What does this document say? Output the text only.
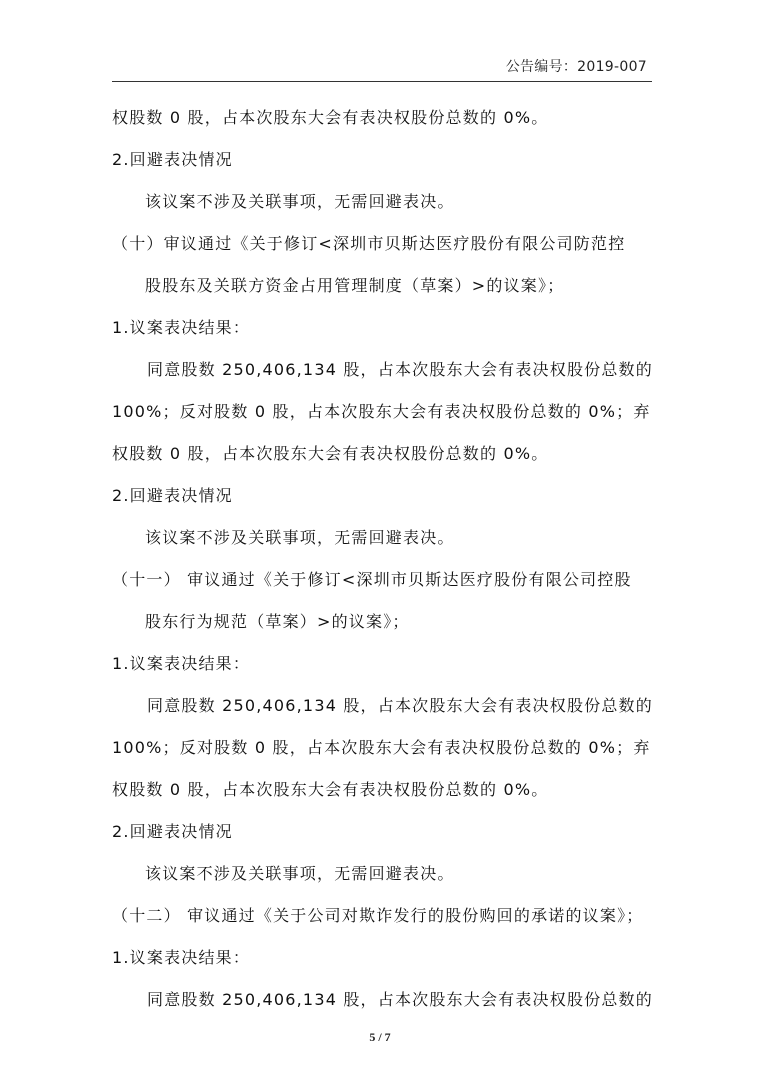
公告编号：2019-007
权股数 0 股，占本次股东大会有表决权股份总数的 0%。
2.回避表决情况
该议案不涉及关联事项，无需回避表决。
（十）审议通过《关于修订<深圳市贝斯达医疗股份有限公司防范控
股股东及关联方资金占用管理制度（草案）>的议案》；
1.议案表决结果：
同意股数 250,406,134 股，占本次股东大会有表决权股份总数的
100%；反对股数 0 股，占本次股东大会有表决权股份总数的 0%；弃
权股数 0 股，占本次股东大会有表决权股份总数的 0%。
2.回避表决情况
该议案不涉及关联事项，无需回避表决。
（十一） 审议通过《关于修订<深圳市贝斯达医疗股份有限公司控股
股东行为规范（草案）>的议案》；
1.议案表决结果：
同意股数 250,406,134 股，占本次股东大会有表决权股份总数的
100%；反对股数 0 股，占本次股东大会有表决权股份总数的 0%；弃
权股数 0 股，占本次股东大会有表决权股份总数的 0%。
2.回避表决情况
该议案不涉及关联事项，无需回避表决。
（十二） 审议通过《关于公司对欺诈发行的股份购回的承诺的议案》；
1.议案表决结果：
同意股数 250,406,134 股，占本次股东大会有表决权股份总数的
5 / 7
